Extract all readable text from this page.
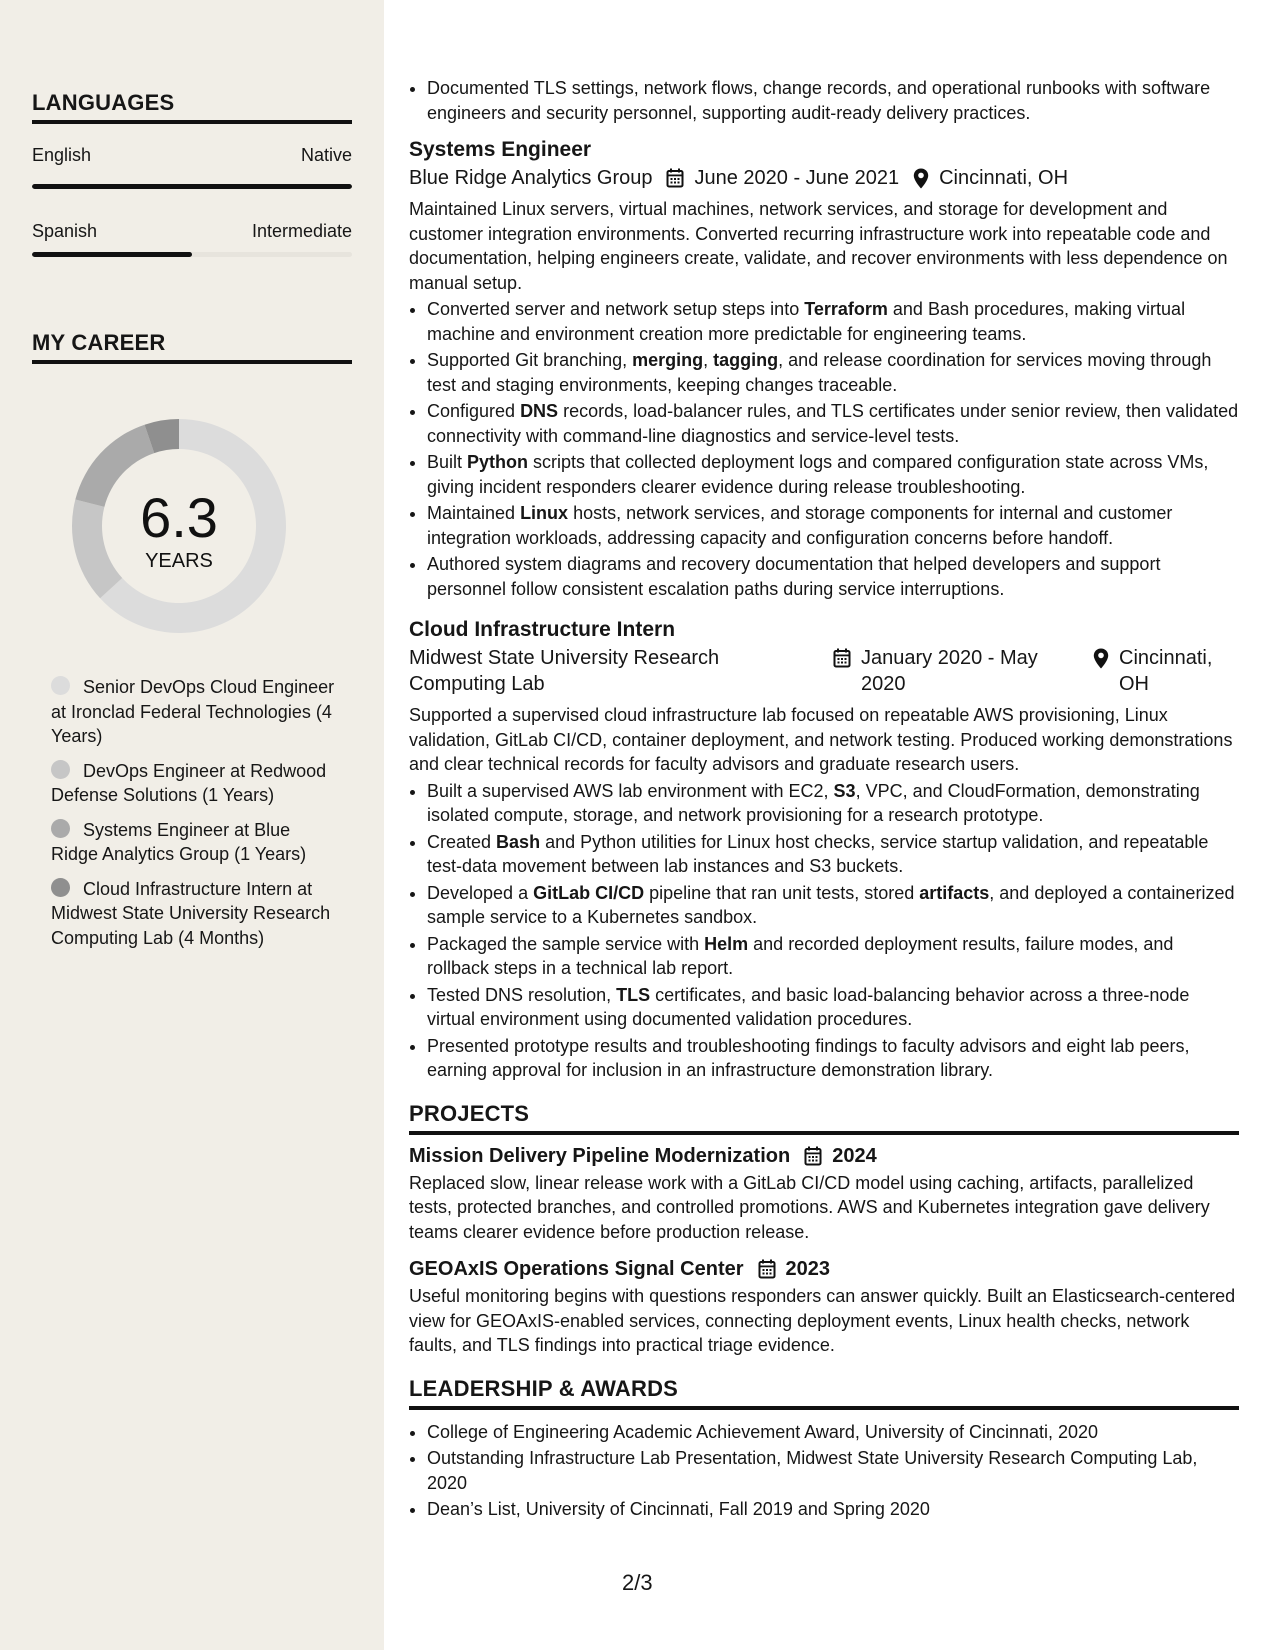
LANGUAGES
English	Native
Spanish	Intermediate
MY CAREER
6.3
YEARS
Senior DevOps Cloud Engineer at Ironclad Federal Technologies (4 Years)
DevOps Engineer at Redwood Defense Solutions (1 Years)
Systems Engineer at Blue Ridge Analytics Group (1 Years)
Cloud Infrastructure Intern at Midwest State University Research Computing Lab (4 Months)
• Documented TLS settings, network flows, change records, and operational runbooks with software engineers and security personnel, supporting audit-ready delivery practices.
Systems Engineer
Blue Ridge Analytics Group June 2020 - June 2021 Cincinnati, OH

Maintained Linux servers, virtual machines, network services, and storage for development and customer integration environments. Converted recurring infrastructure work into repeatable code and documentation, helping engineers create, validate, and recover environments with less dependence on manual setup.

• Converted server and network setup steps into Terraform and Bash procedures, making virtual machine and environment creation more predictable for engineering teams.
• Supported Git branching, merging, tagging, and release coordination for services moving through test and staging environments, keeping changes traceable.
• Configured DNS records, load-balancer rules, and TLS certificates under senior review, then validated connectivity with command-line diagnostics and service-level tests.
• Built Python scripts that collected deployment logs and compared configuration state across VMs, giving incident responders clearer evidence during release troubleshooting.
• Maintained Linux hosts, network services, and storage components for internal and customer integration workloads, addressing capacity and configuration concerns before handoff.
• Authored system diagrams and recovery documentation that helped developers and support personnel follow consistent escalation paths during service interruptions.
Cloud Infrastructure Intern
Midwest State University Research Computing Lab
January 2020 - May 2020
Cincinnati, OH

Supported a supervised cloud infrastructure lab focused on repeatable AWS provisioning, Linux validation, GitLab CI/CD, container deployment, and network testing. Produced working demonstrations and clear technical records for faculty advisors and graduate research users.

• Built a supervised AWS lab environment with EC2, S3, VPC, and CloudFormation, demonstrating isolated compute, storage, and network provisioning for a research prototype.
• Created Bash and Python utilities for Linux host checks, service startup validation, and repeatable test-data movement between lab instances and S3 buckets.
• Developed a GitLab CI/CD pipeline that ran unit tests, stored artifacts, and deployed a containerized sample service to a Kubernetes sandbox.
• Packaged the sample service with Helm and recorded deployment results, failure modes, and rollback steps in a technical lab report.
• Tested DNS resolution, TLS certificates, and basic load-balancing behavior across a three-node virtual environment using documented validation procedures.
• Presented prototype results and troubleshooting findings to faculty advisors and eight lab peers, earning approval for inclusion in an infrastructure demonstration library.
PROJECTS
Mission Delivery Pipeline Modernization 2024

Replaced slow, linear release work with a GitLab CI/CD model using caching, artifacts, parallelized tests, protected branches, and controlled promotions. AWS and Kubernetes integration gave delivery teams clearer evidence before production release.

GEOAxIS Operations Signal Center 2023

Useful monitoring begins with questions responders can answer quickly. Built an Elasticsearch-centered view for GEOAxIS-enabled services, connecting deployment events, Linux health checks, network faults, and TLS findings into practical triage evidence.

LEADERSHIP & AWARDS
• College of Engineering Academic Achievement Award, University of Cincinnati, 2020
• Outstanding Infrastructure Lab Presentation, Midwest State University Research Computing Lab, 2020
• Dean’s List, University of Cincinnati, Fall 2019 and Spring 2020
2/3
